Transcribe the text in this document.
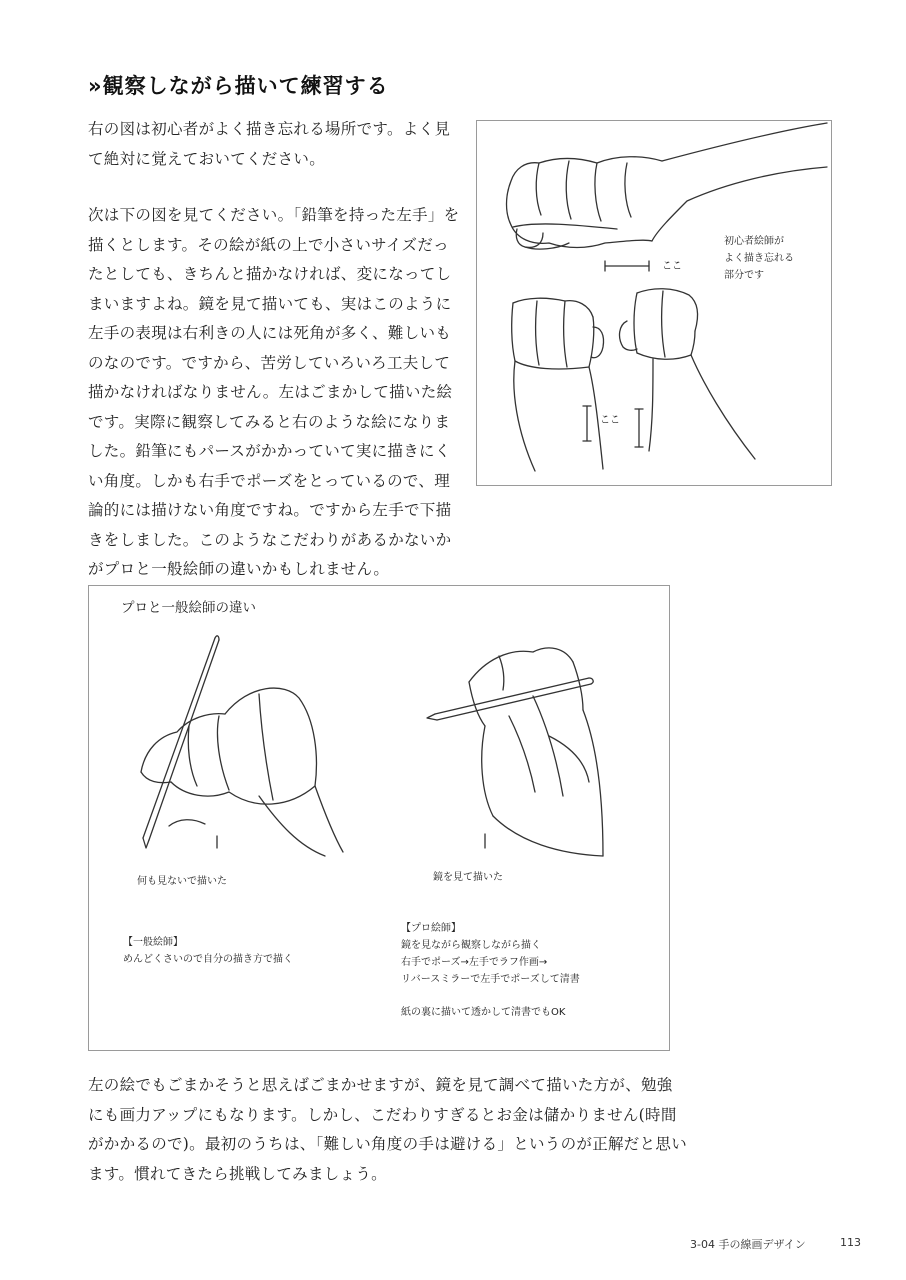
»観察しながら描いて練習する

右の図は初心者がよく描き忘れる場所です。よく見て絶対に覚えておいてください。

次は下の図を見てください。「鉛筆を持った左手」を描くとします。その絵が紙の上で小さいサイズだったとしても、きちんと描かなければ、変になってしまいますよね。鏡を見て描いても、実はこのように左手の表現は右利きの人には死角が多く、難しいものなのです。ですから、苦労していろいろ工夫して描かなければなりません。左はごまかして描いた絵です。実際に観察してみると右のような絵になりました。鉛筆にもパースがかかっていて実に描きにくい角度。しかも右手でポーズをとっているので、理論的には描けない角度ですね。ですから左手で下描きをしました。このようなこだわりがあるかないかがプロと一般絵師の違いかもしれません。

ここ
ここ
初心者絵師が
よく描き忘れる
部分です

プロと一般絵師の違い

何も見ないで描いた	鏡を見て描いた
【一般絵師】
めんどくさいので自分の描き方で描く
【プロ絵師】
鏡を見ながら観察しながら描く
右手でポーズ→左手でラフ作画→
リバースミラーで左手でポーズして清書
紙の裏に描いて透かして清書でもOK

左の絵でもごまかそうと思えばごまかせますが、鏡を見て調べて描いた方が、勉強にも画力アップにもなります。しかし、こだわりすぎるとお金は儲かりません(時間がかかるので)。最初のうちは、「難しい角度の手は避ける」というのが正解だと思います。慣れてきたら挑戦してみましょう。

3-04 手の線画デザイン	113
